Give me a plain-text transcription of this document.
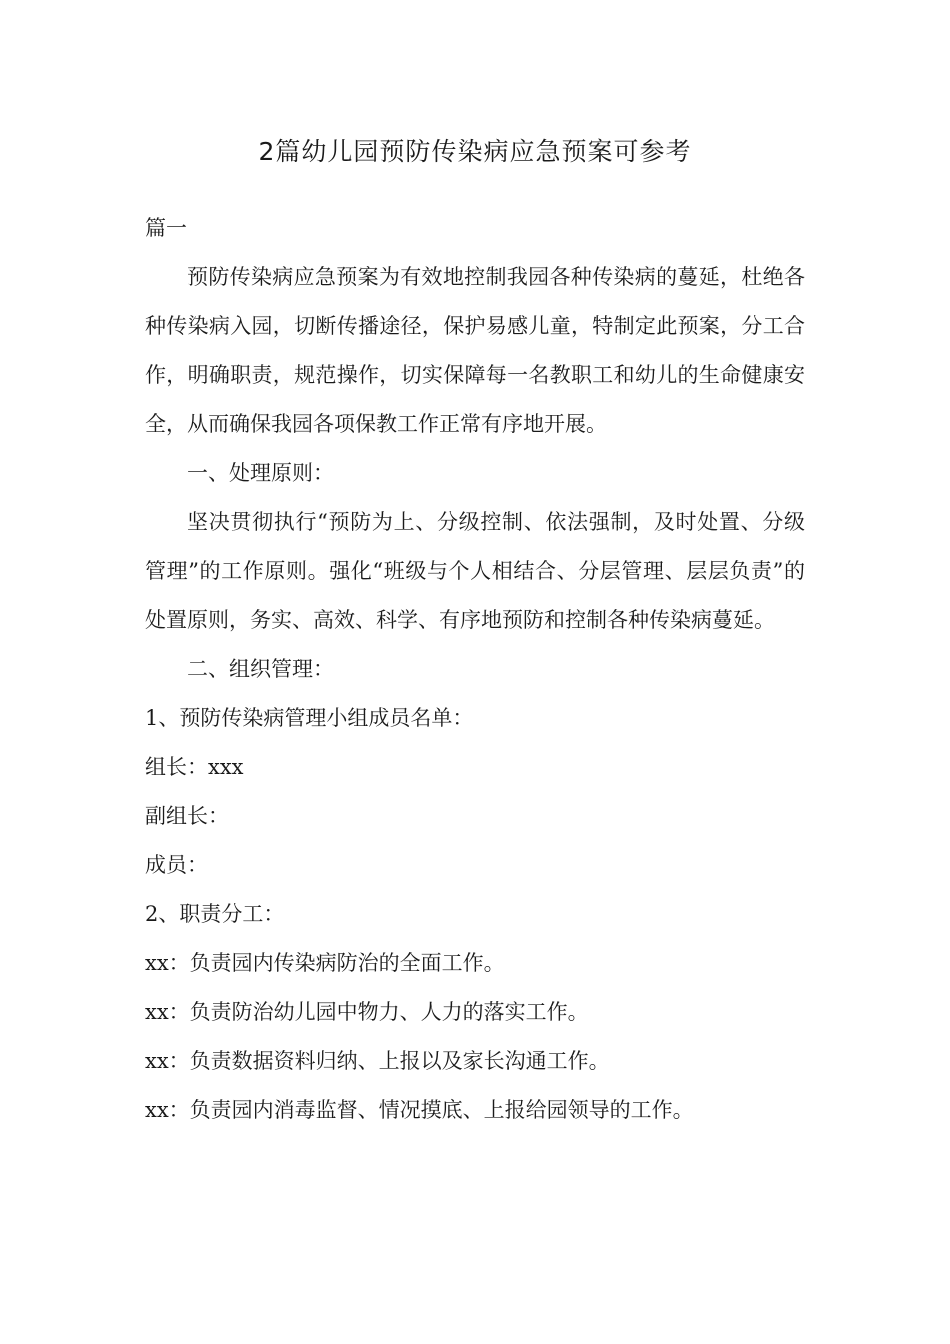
2篇幼儿园预防传染病应急预案可参考

篇一

预防传染病应急预案为有效地控制我园各种传染病的蔓延，杜绝各种传染病入园，切断传播途径，保护易感儿童，特制定此预案，分工合作，明确职责，规范操作，切实保障每一名教职工和幼儿的生命健康安全，从而确保我园各项保教工作正常有序地开展。

一、处理原则：

坚决贯彻执行“预防为上、分级控制、依法强制，及时处置、分级管理”的工作原则。强化“班级与个人相结合、分层管理、层层负责”的处置原则，务实、高效、科学、有序地预防和控制各种传染病蔓延。

二、组织管理：

1、预防传染病管理小组成员名单：

组长：xxx

副组长：

成员：

2、职责分工：

xx：负责园内传染病防治的全面工作。

xx：负责防治幼儿园中物力、人力的落实工作。

xx：负责数据资料归纳、上报以及家长沟通工作。

xx：负责园内消毒监督、情况摸底、上报给园领导的工作。
